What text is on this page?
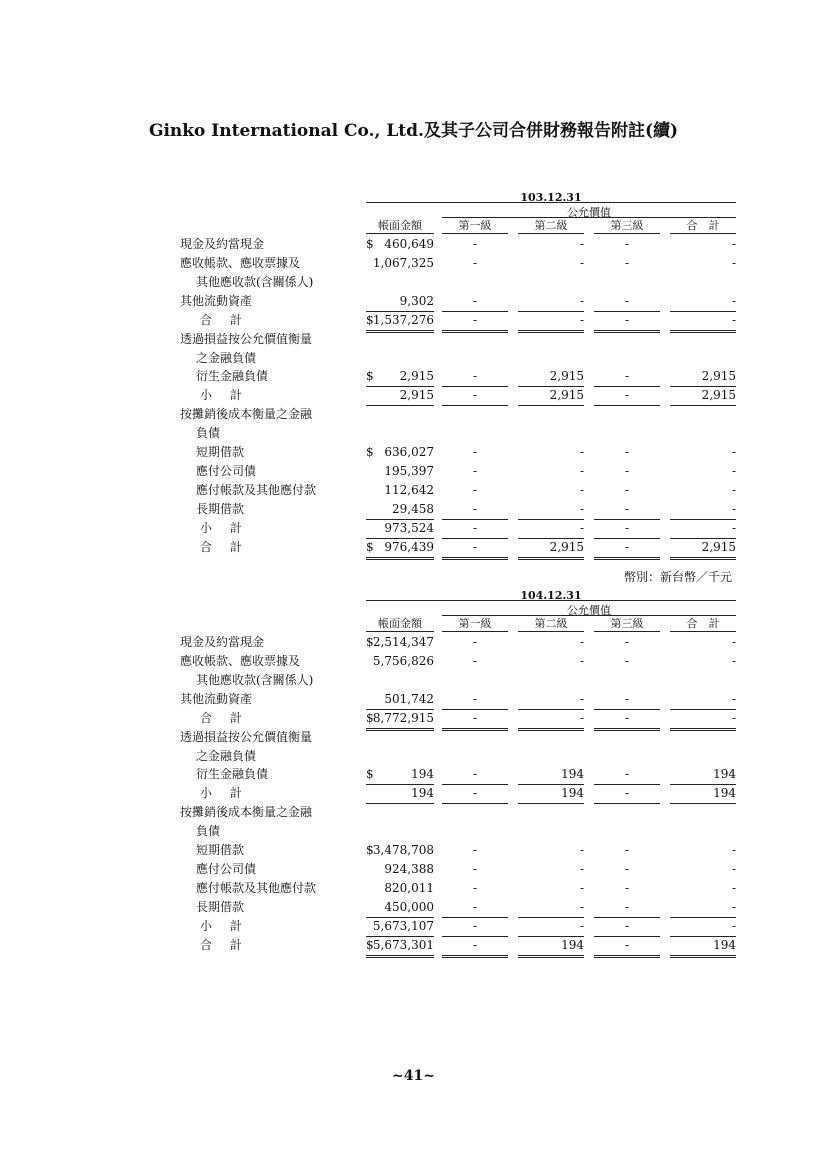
Ginko International Co., Ltd.及其子公司合併財務報告附註(續)
103.12.31
公允價值
帳面金額	第一級	第二級	第三級	合　計
現金及約當現金	$ 460,649	-	-	-	-
應收帳款、應收票據及	1,067,325	-	-	-	-
其他應收款(含關係人)
其他流動資產	9,302	-	-	-	-
合計	$ 1,537,276	-	-	-	-
透過損益按公允價值衡量
之金融負債
衍生金融負債	$ 2,915	-	2,915	-	2,915
小計	2,915	-	2,915	-	2,915
按攤銷後成本衡量之金融
負債
短期借款	$ 636,027	-	-	-	-
應付公司債	195,397	-	-	-	-
應付帳款及其他應付款	112,642	-	-	-	-
長期借款	29,458	-	-	-	-
小計	973,524	-	-	-	-
合計	$ 976,439	-	2,915	-	2,915
幣別：新台幣／千元
104.12.31
公允價值
帳面金額	第一級	第二級	第三級	合　計
現金及約當現金	$ 2,514,347	-	-	-	-
應收帳款、應收票據及	5,756,826	-	-	-	-
其他應收款(含關係人)
其他流動資產	501,742	-	-	-	-
合計	$ 8,772,915	-	-	-	-
透過損益按公允價值衡量
之金融負債
衍生金融負債	$	194	-	194	-	194
小計	194	-	194	-	194
按攤銷後成本衡量之金融
負債
短期借款	$ 3,478,708	-	-	-	-
應付公司債	924,388	-	-	-	-
應付帳款及其他應付款	820,011	-	-	-	-
長期借款	450,000	-	-	-	-
小計	5,673,107	-	-	-	-
合計	$ 5,673,301	-	194	-	194
~41~
